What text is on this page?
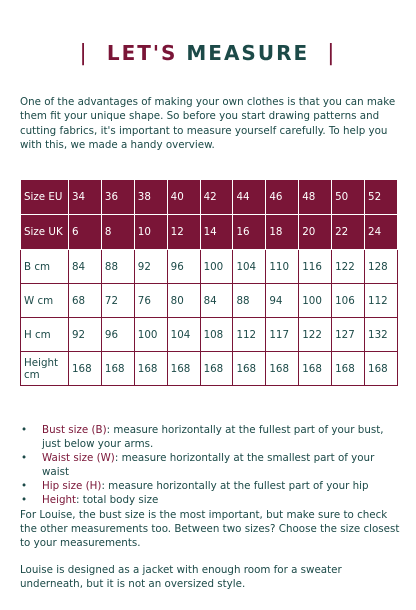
| LET'S MEASURE |

One of the advantages of making your own clothes is that you can make them fit your unique shape. So before you start drawing patterns and cutting fabrics, it's important to measure yourself carefully. To help you with this, we made a handy overview.

Size EU	34	36	38	40	42	44	46	48	50	52
Size UK	6	8	10	12	14	16	18	20	22	24
B cm	84	88	92	96	100	104	110	116	122	128
W cm	68	72	76	80	84	88	94	100	106	112
H cm	92	96	100	104	108	112	117	122	127	132
Height cm	168	168	168	168	168	168	168	168	168	168
• Bust size (B): measure horizontally at the fullest part of your bust, just below your arms.
• Waist size (W): measure horizontally at the smallest part of your waist
• Hip size (H): measure horizontally at the fullest part of your hip
• Height: total body size

For Louise, the bust size is the most important, but make sure to check the other measurements too. Between two sizes? Choose the size closest to your measurements.

Louise is designed as a jacket with enough room for a sweater underneath, but it is not an oversized style.
